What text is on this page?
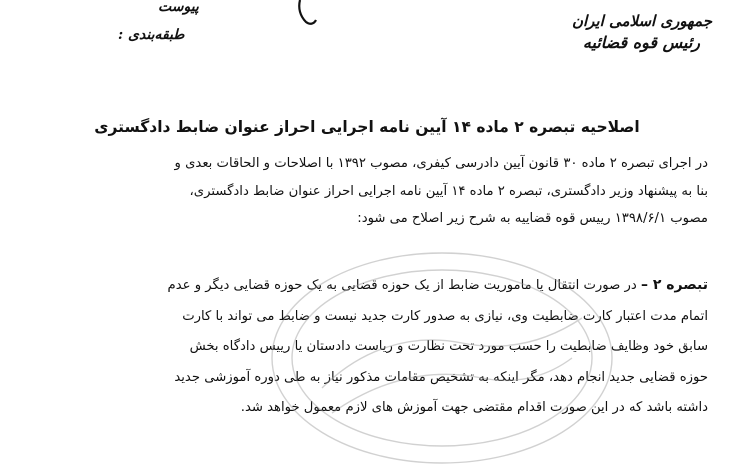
پیوست
طبقه‌بندی :
جمهوری اسلامی ایران
رئیس قوه قضائیه
اصلاحیه تبصره ۲ ماده ۱۴ آیین نامه اجرایی احراز عنوان ضابط دادگستری
در اجرای تبصره ۲ ماده ۳۰ قانون آیین دادرسی کیفری، مصوب ۱۳۹۲ با اصلاحات و الحاقات بعدی و
بنا به پیشنهاد وزیر دادگستری، تبصره ۲ ماده ۱۴ آیین نامه اجرایی احراز عنوان ضابط دادگستری،
مصوب ۱۳۹۸/۶/۱ رییس قوه قضاییه به شرح زیر اصلاح می شود:
تبصره ۲ – در صورت انتقال یا ماموریت ضابط از یک حوزه قضایی به یک حوزه قضایی دیگر و عدم
اتمام مدت اعتبار کارت ضابطیت وی، نیازی به صدور کارت جدید نیست و ضابط می تواند با کارت
سابق خود وظایف ضابطیت را حسب مورد تحت نظارت و ریاست دادستان یا رییس دادگاه بخش
حوزه قضایی جدید انجام دهد، مگر اینکه به تشخیص مقامات مذکور نیاز به طی دوره آموزشی جدید
داشته باشد که در این صورت اقدام مقتضی جهت آموزش های لازم معمول خواهد شد.
